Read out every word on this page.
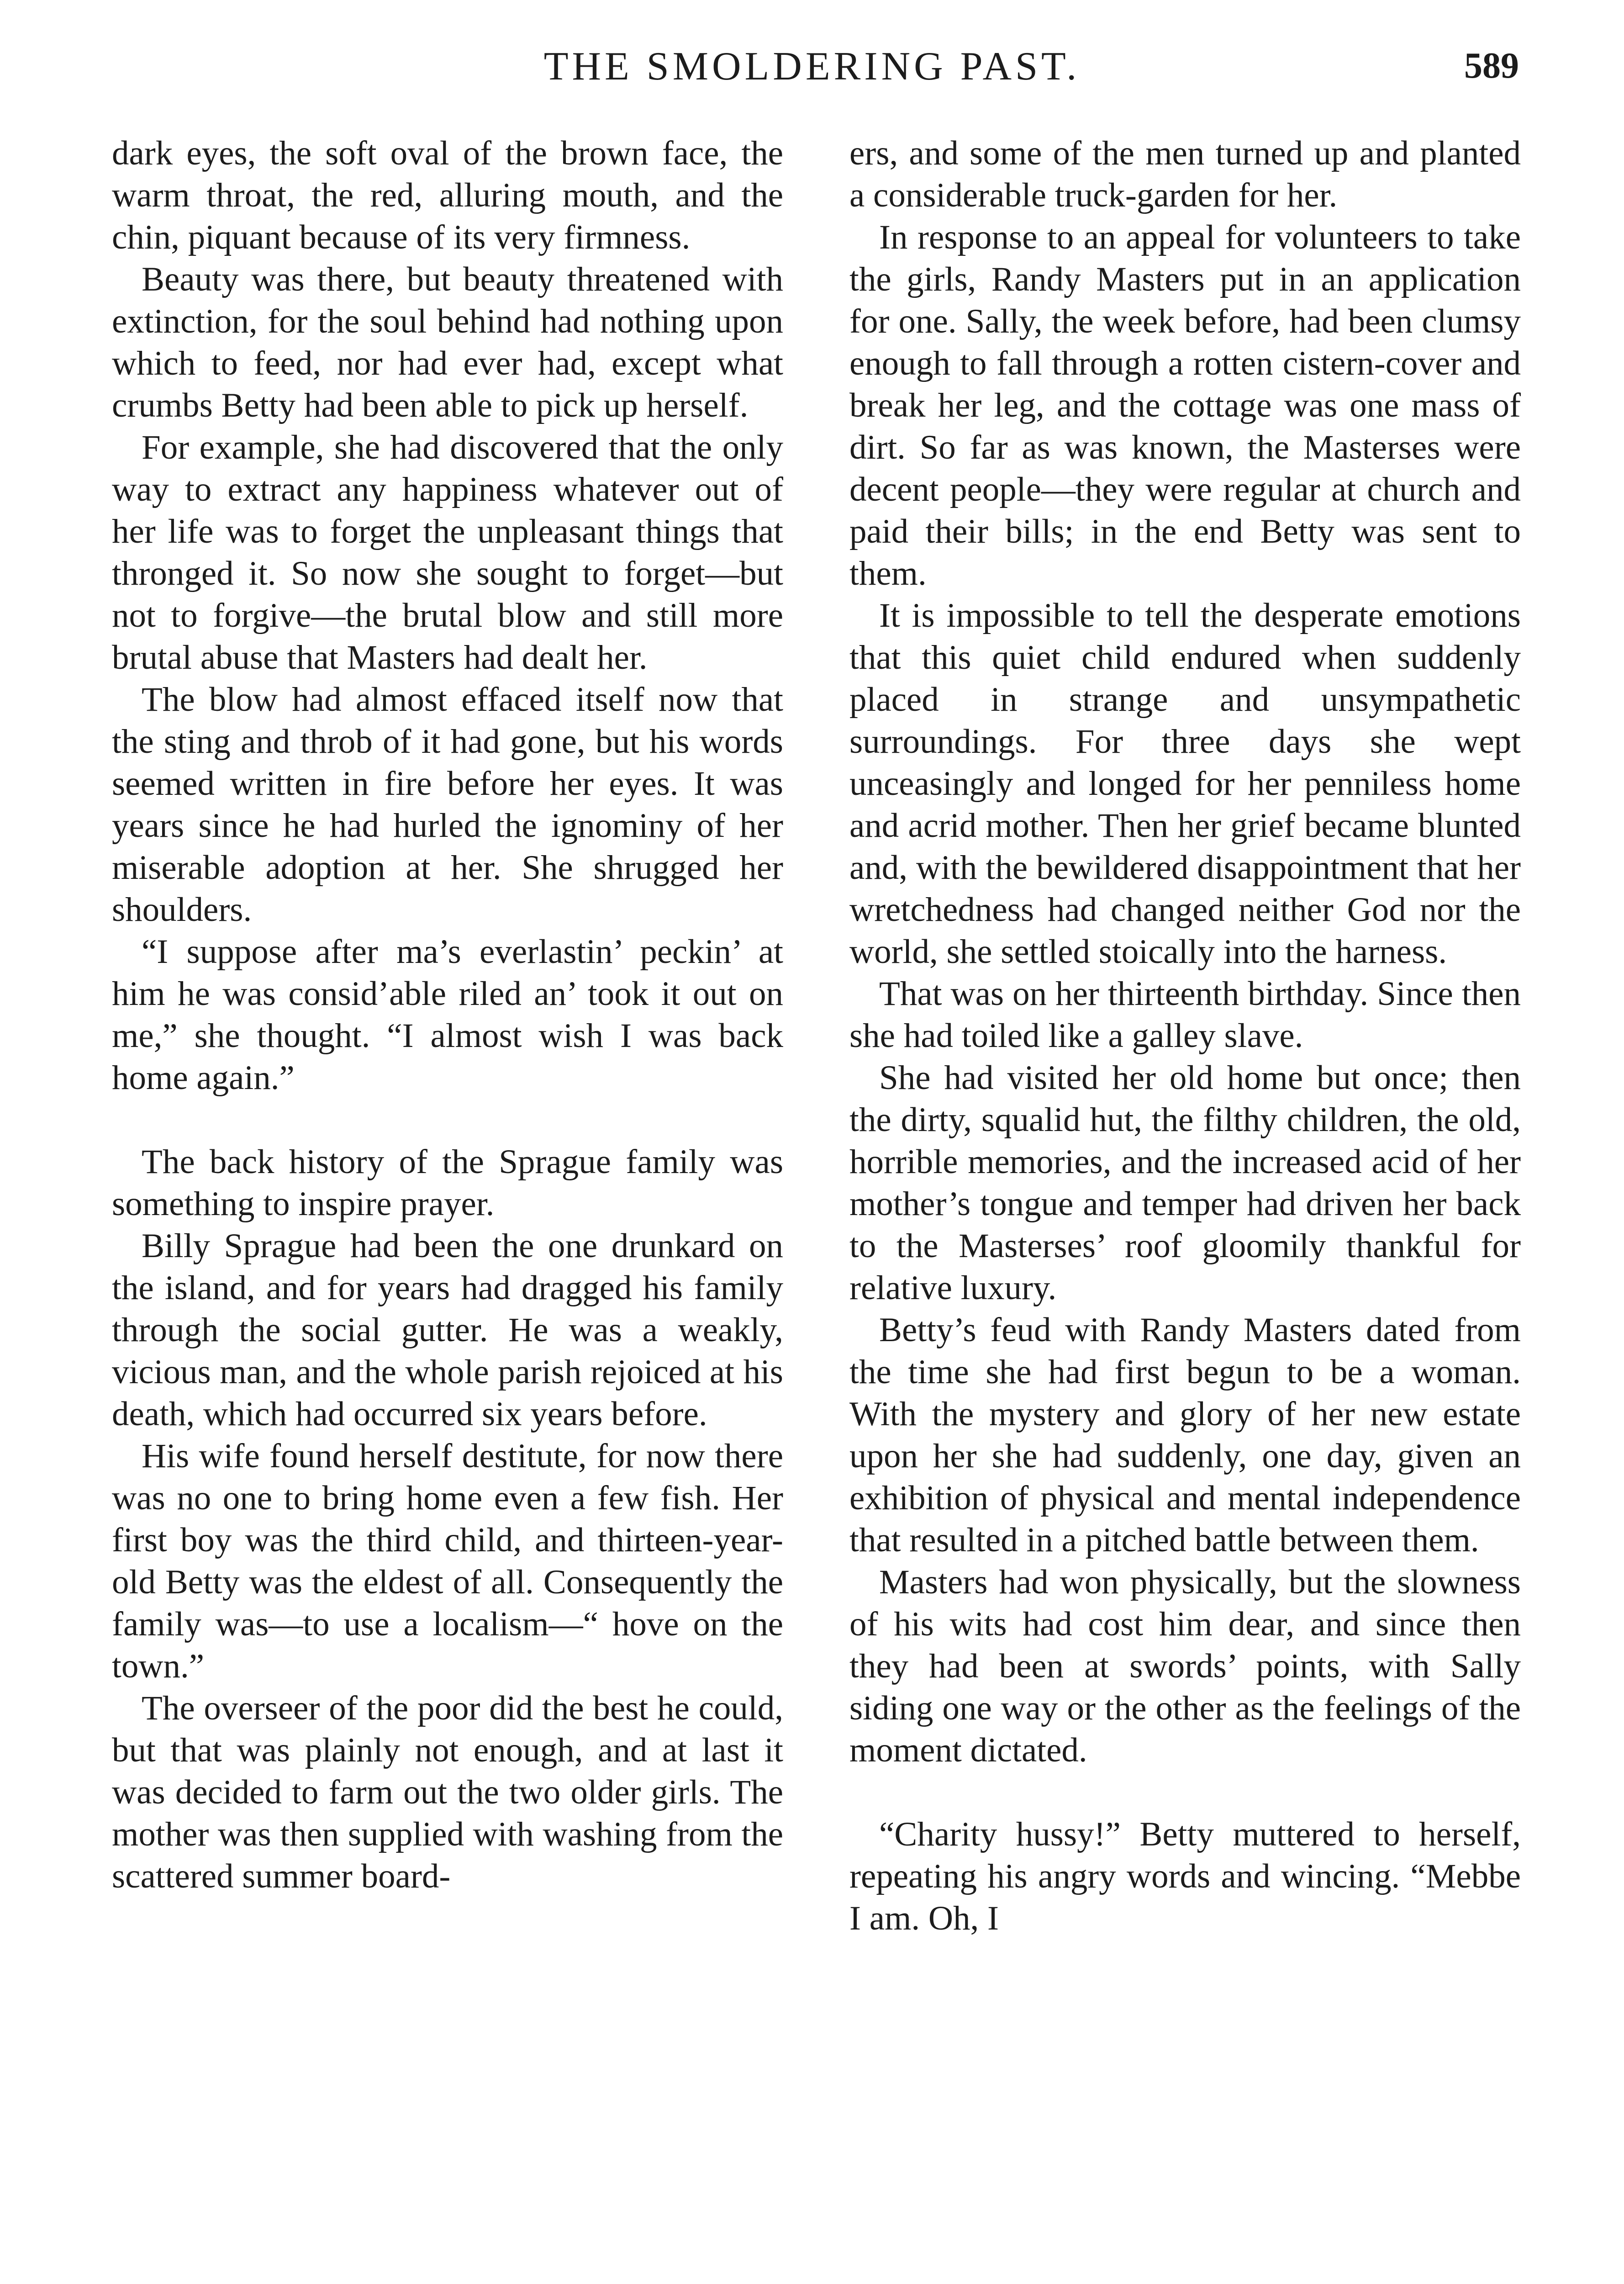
THE SMOLDERING PAST.	589

dark eyes, the soft oval of the brown face, the warm throat, the red, alluring mouth, and the chin, piquant because of its very firmness.

Beauty was there, but beauty threatened with extinction, for the soul behind had nothing upon which to feed, nor had ever had, except what crumbs Betty had been able to pick up herself.

For example, she had discovered that the only way to extract any happiness whatever out of her life was to forget the unpleasant things that thronged it. So now she sought to forget—but not to forgive—the brutal blow and still more brutal abuse that Masters had dealt her.

The blow had almost effaced itself now that the sting and throb of it had gone, but his words seemed written in fire before her eyes. It was years since he had hurled the ignominy of her miserable adoption at her. She shrugged her shoulders.

“I suppose after ma’s everlastin’ peckin’ at him he was consid’able riled an’ took it out on me,” she thought. “I almost wish I was back home again.”

The back history of the Sprague family was something to inspire prayer.

Billy Sprague had been the one drunkard on the island, and for years had dragged his family through the social gutter. He was a weakly, vicious man, and the whole parish rejoiced at his death, which had occurred six years before.

His wife found herself destitute, for now there was no one to bring home even a few fish. Her first boy was the third child, and thirteen-year-old Betty was the eldest of all. Consequently the family was—to use a localism—“ hove on the town.”

The overseer of the poor did the best he could, but that was plainly not enough, and at last it was decided to farm out the two older girls. The mother was then supplied with washing from the scattered summer board-

ers, and some of the men turned up and planted a considerable truck-garden for her.

In response to an appeal for volunteers to take the girls, Randy Masters put in an application for one. Sally, the week before, had been clumsy enough to fall through a rotten cistern-cover and break her leg, and the cottage was one mass of dirt. So far as was known, the Masterses were decent people—they were regular at church and paid their bills; in the end Betty was sent to them.

It is impossible to tell the desperate emotions that this quiet child endured when suddenly placed in strange and unsympathetic surroundings. For three days she wept unceasingly and longed for her penniless home and acrid mother. Then her grief became blunted and, with the bewildered disappointment that her wretchedness had changed neither God nor the world, she settled stoically into the harness.

That was on her thirteenth birthday. Since then she had toiled like a galley slave.

She had visited her old home but once; then the dirty, squalid hut, the filthy children, the old, horrible memories, and the increased acid of her mother’s tongue and temper had driven her back to the Masterses’ roof gloomily thankful for relative luxury.

Betty’s feud with Randy Masters dated from the time she had first begun to be a woman. With the mystery and glory of her new estate upon her she had suddenly, one day, given an exhibition of physical and mental independence that resulted in a pitched battle between them.

Masters had won physically, but the slowness of his wits had cost him dear, and since then they had been at swords’ points, with Sally siding one way or the other as the feelings of the moment dictated.

“Charity hussy!” Betty muttered to herself, repeating his angry words and wincing. “Mebbe I am. Oh, I
